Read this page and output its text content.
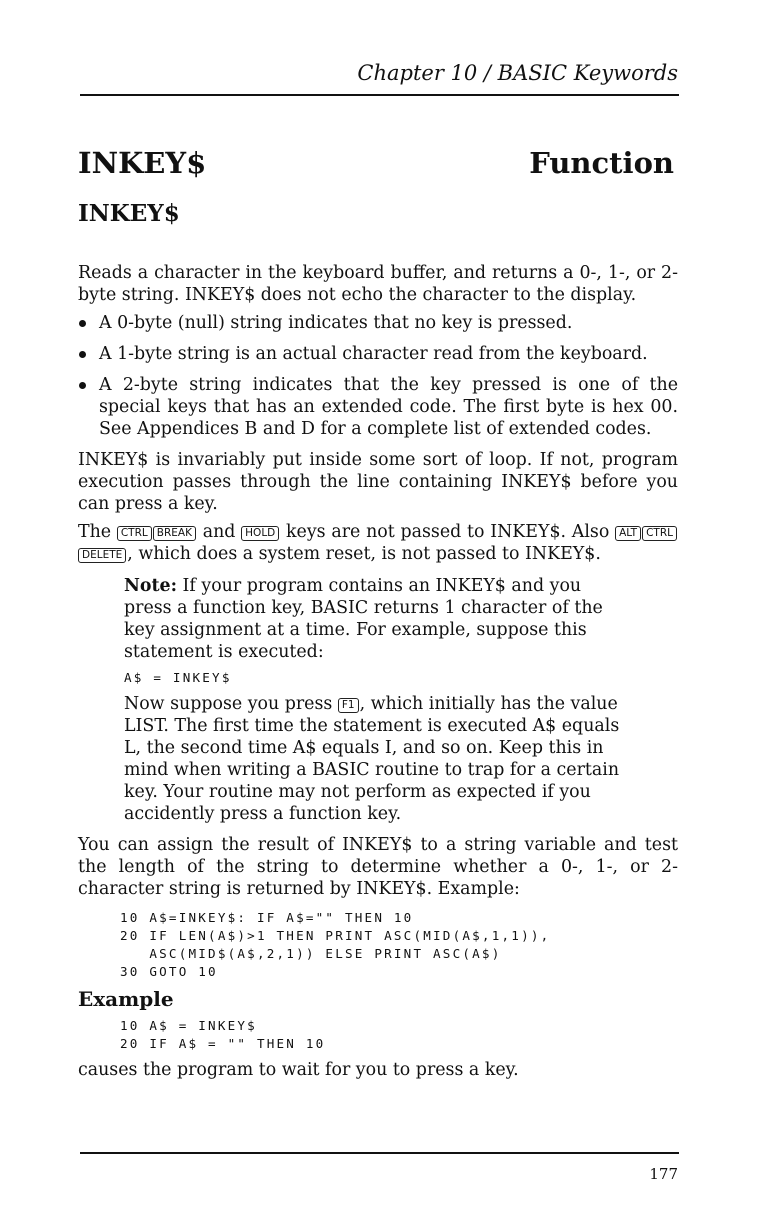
Chapter 10 / BASIC Keywords
INKEY$	Function
INKEY$

Reads a character in the keyboard buffer, and returns a 0-, 1-, or 2-byte string. INKEY$ does not echo the character to the display.

A 0-byte (null) string indicates that no key is pressed.
A 1-byte string is an actual character read from the keyboard.
A 2-byte string indicates that the key pressed is one of the special keys that has an extended code. The first byte is hex 00. See Appendices B and D for a complete list of extended codes.

INKEY$ is invariably put inside some sort of loop. If not, program execution passes through the line containing INKEY$ before you can press a key.

The CTRL BREAK and HOLD keys are not passed to INKEY$. Also ALT CTRLDELETE , which does a system reset, is not passed to INKEY$.

Note: If your program contains an INKEY$ and you press a function key, BASIC returns 1 character of the key assignment at a time. For example, suppose this statement is executed:

A$ = INKEY$

Now suppose you press F1 , which initially has the value LIST. The first time the statement is executed A$ equals L, the second time A$ equals I, and so on. Keep this in mind when writing a BASIC routine to trap for a certain key. Your routine may not perform as expected if you accidently press a function key.

You can assign the result of INKEY$ to a string variable and test the length of the string to determine whether a 0-, 1-, or 2-character string is returned by INKEY$. Example:

10 A$=INKEY$: IF A$="" THEN 10
20 IF LEN(A$)>1 THEN PRINT ASC(MID(A$,1,1)),
ASC(MID$(A$,2,1)) ELSE PRINT ASC(A$)
30 GOTO 10
Example
10 A$ = INKEY$
20 IF A$ = "" THEN 10

causes the program to wait for you to press a key.

177
